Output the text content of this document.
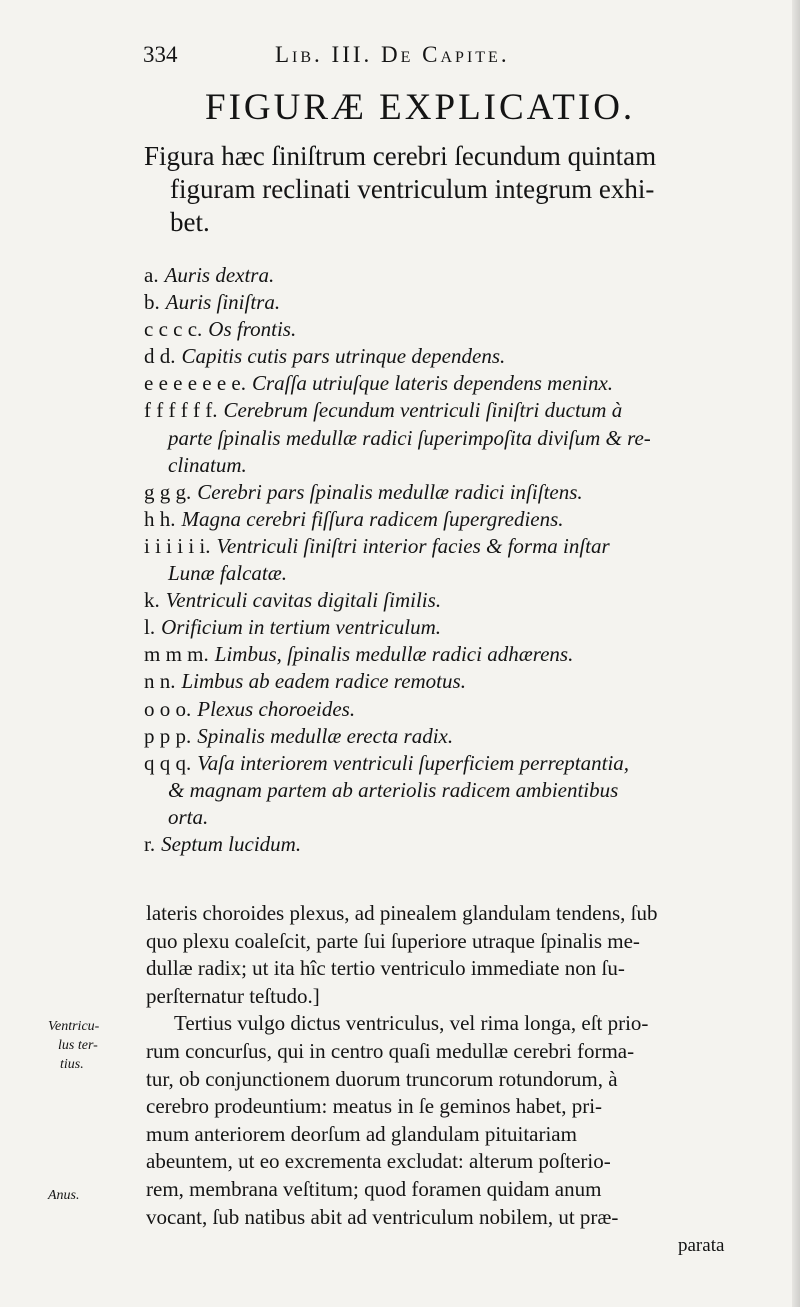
334	Lib. III. De Capite.
FIGURÆ EXPLICATIO.
Figura hæc ſiniſtrum cerebri ſecundum quintam
figuram reclinati ventriculum integrum exhi-
bet.
a. Auris dextra.
b. Auris ſiniſtra.
c c c c. Os frontis.
d d. Capitis cutis pars utrinque dependens.
e e e e e e e. Craſſa utriuſque lateris dependens meninx.
f f f f f f. Cerebrum ſecundum ventriculi ſiniſtri ductum à
parte ſpinalis medullæ radici ſuperimpoſita diviſum & re-
clinatum.
g g g. Cerebri pars ſpinalis medullæ radici inſiſtens.
h h. Magna cerebri fiſſura radicem ſupergrediens.
i i i i i i. Ventriculi ſiniſtri interior facies & forma inſtar
Lunæ falcatæ.
k. Ventriculi cavitas digitali ſimilis.
l. Orificium in tertium ventriculum.
m m m. Limbus, ſpinalis medullæ radici adhærens.
n n. Limbus ab eadem radice remotus.
o o o. Plexus choroeides.
p p p. Spinalis medullæ erecta radix.
q q q. Vaſa interiorem ventriculi ſuperficiem perreptantia,
& magnam partem ab arteriolis radicem ambientibus
orta.
r. Septum lucidum.
lateris choroides plexus, ad pinealem glandulam tendens, ſub
quo plexu coaleſcit, parte ſui ſuperiore utraque ſpinalis me-
dullæ radix; ut ita hîc tertio ventriculo immediate non ſu-
perſternatur teſtudo.]
Tertius vulgo dictus ventriculus, vel rima longa, eſt prio-
rum concurſus, qui in centro quaſi medullæ cerebri forma-
tur, ob conjunctionem duorum truncorum rotundorum, à
cerebro prodeuntium: meatus in ſe geminos habet, pri-
mum anteriorem deorſum ad glandulam pituitariam
abeuntem, ut eo excrementa excludat: alterum poſterio-
rem, membrana veſtitum; quod foramen quidam anum
vocant, ſub natibus abit ad ventriculum nobilem, ut præ-
Ventricu-
lus ter-
tius.
Anus.
parata
